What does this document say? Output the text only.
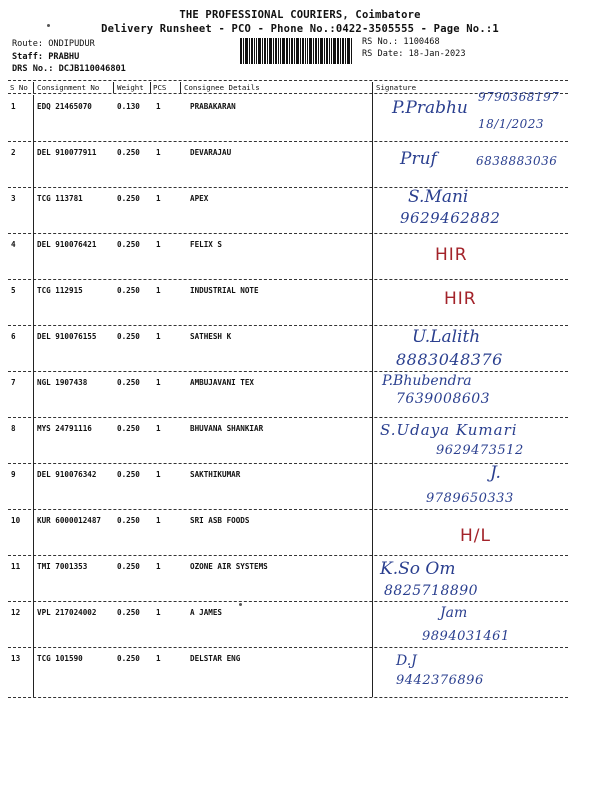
THE PROFESSIONAL COURIERS, Coimbatore
Delivery Runsheet - PCO - Phone No.:0422-3505555 - Page No.:1
Route: ONDIPUDUR
Staff: PRABHU
DRS No.: DCJB110046801
RS No.: 1100468
RS Date: 18-Jan-2023
S No Consignment No Weight PCS Consignee Details	Signature
1	EDQ 21465070	0.130 1	PRABAKARAN	P.Prabhu
9790368197
18/1/2023
2	DEL 910077911	0.250 1	DEVARAJAU	Pruf	6838883036
3	TCG 113781	0.250 1	APEX	S.Mani
9629462882
4	DEL 910076421	0.250 1	FELIX S
HIR
5	TCG 112915	0.250 1	INDUSTRIAL NOTE	HIR
6	DEL 910076155	0.250 1	SATHESH K	U.Lalith
8883048376
7	NGL 1907438	0.250 1	AMBUJAVANI TEX	P.Bhubendra
7639008603
8	MYS 24791116	0.250 1	BHUVANA SHANKIAR	S.Udaya Kumari
9629473512
9	DEL 910076342	0.250 1	SAKTHIKUMAR	J.
9789650333
10 KUR 6000012487 0.250 1	SRI ASB FOODS
H/L
11 TMI 7001353	0.250 1	OZONE AIR SYSTEMS	K.So Om
8825718890
12 VPL 217024002	0.250 1	A JAMES	Jam
9894031461
13 TCG 101590	0.250 1	DELSTAR ENG	D.J
9442376896
